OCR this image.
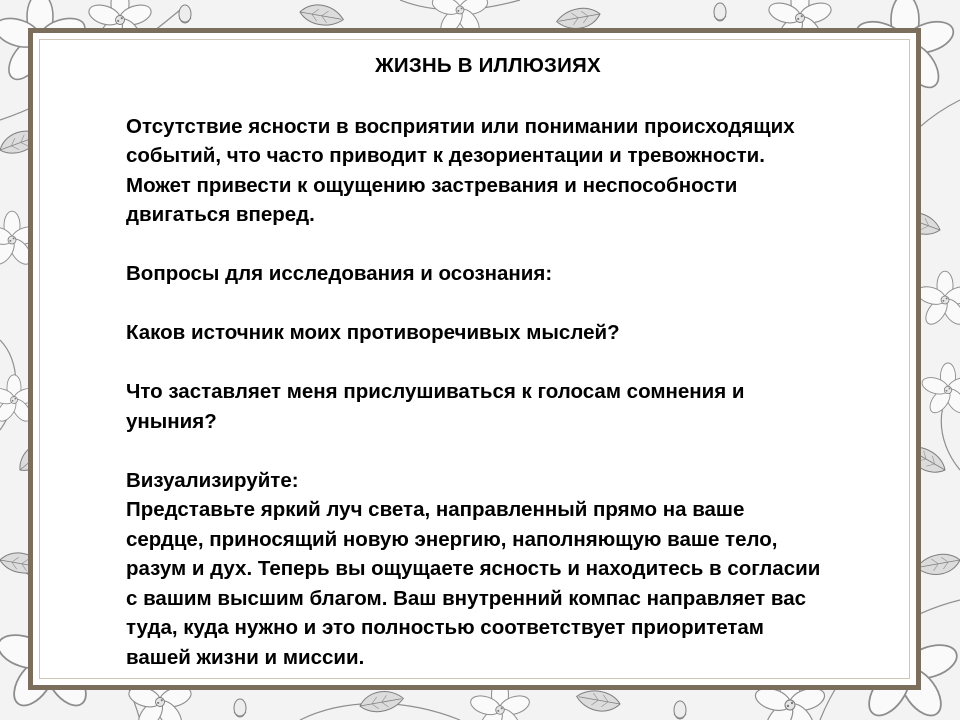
ЖИЗНЬ В ИЛЛЮЗИЯХ

Отсутствие ясности в восприятии или понимании происходящих
событий, что часто приводит к дезориентации и тревожности.
Может привести к ощущению застревания и неспособности
двигаться вперед.

Вопросы для исследования и осознания:

Каков источник моих противоречивых мыслей?

Что заставляет меня прислушиваться к голосам сомнения и
уныния?

Визуализируйте:

Представьте яркий луч света, направленный прямо на ваше
сердце, приносящий новую энергию, наполняющую ваше тело,
разум и дух. Теперь вы ощущаете ясность и находитесь в согласии
с вашим высшим благом. Ваш внутренний компас направляет вас
туда, куда нужно и это полностью соответствует приоритетам
вашей жизни и миссии.
